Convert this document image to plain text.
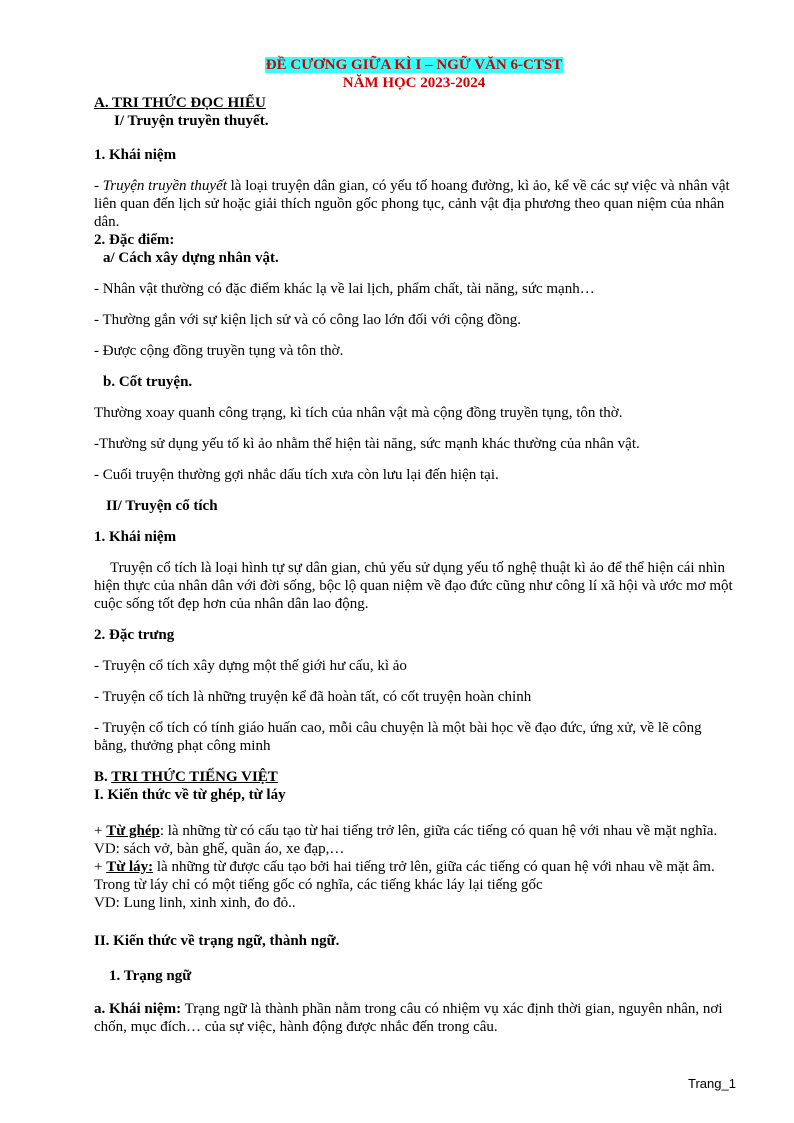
ĐỀ CƯƠNG GIỮA KÌ I – NGỮ VĂN 6-CTST
NĂM HỌC 2023-2024

A. TRI THỨC ĐỌC HIỂU

I/ Truyện truyền thuyết.

1. Khái niệm

- Truyện truyền thuyết là loại truyện dân gian, có yếu tố hoang đường, kì ảo, kể về các sự việc và nhân vật liên quan đến lịch sử hoặc giải thích nguồn gốc phong tục, cảnh vật địa phương theo quan niệm của nhân dân.

2. Đặc điểm:

a/ Cách xây dựng nhân vật.

- Nhân vật thường có đặc điểm khác lạ về lai lịch, phẩm chất, tài năng, sức mạnh…

- Thường gắn với sự kiện lịch sử và có công lao lớn đối với cộng đồng.

- Được cộng đồng truyền tụng và tôn thờ.

b. Cốt truyện.

Thường xoay quanh công trạng, kì tích của nhân vật mà cộng đồng truyền tụng, tôn thờ.

-Thường sử dụng yếu tố kì ảo nhằm thể hiện tài năng, sức mạnh khác thường của nhân vật.

- Cuối truyện thường gợi nhắc dấu tích xưa còn lưu lại đến hiện tại.

II/ Truyện cổ tích

1. Khái niệm

Truyện cổ tích là loại hình tự sự dân gian, chủ yếu sử dụng yếu tố nghệ thuật kì ảo để thể hiện cái nhìn hiện thực của nhân dân với đời sống, bộc lộ quan niệm về đạo đức cũng như công lí xã hội và ước mơ một cuộc sống tốt đẹp hơn của nhân dân lao động.

2. Đặc trưng

- Truyện cổ tích xây dựng một thế giới hư cấu, kì ảo

- Truyện cổ tích là những truyện kể đã hoàn tất, có cốt truyện hoàn chỉnh

- Truyện cổ tích có tính giáo huấn cao, mỗi câu chuyện là một bài học về đạo đức, ứng xử, về lẽ công bằng, thưởng phạt công minh

B. TRI THỨC TIẾNG VIỆT

I. Kiến thức về từ ghép, từ láy

+ Từ ghép: là những từ có cấu tạo từ hai tiếng trở lên, giữa các tiếng có quan hệ với nhau về mặt nghĩa.

VD: sách vở, bàn ghế, quần áo, xe đạp,…

+ Từ láy: là những từ được cấu tạo bởi hai tiếng trở lên, giữa các tiếng có quan hệ với nhau về mặt âm. Trong từ láy chỉ có một tiếng gốc có nghĩa, các tiếng khác láy lại tiếng gốc

VD: Lung linh, xinh xinh, đo đỏ..

II. Kiến thức về trạng ngữ, thành ngữ.

1. Trạng ngữ

a. Khái niệm: Trạng ngữ là thành phần nằm trong câu có nhiệm vụ xác định thời gian, nguyên nhân, nơi chốn, mục đích… của sự việc, hành động được nhắc đến trong câu.

Trang_1
